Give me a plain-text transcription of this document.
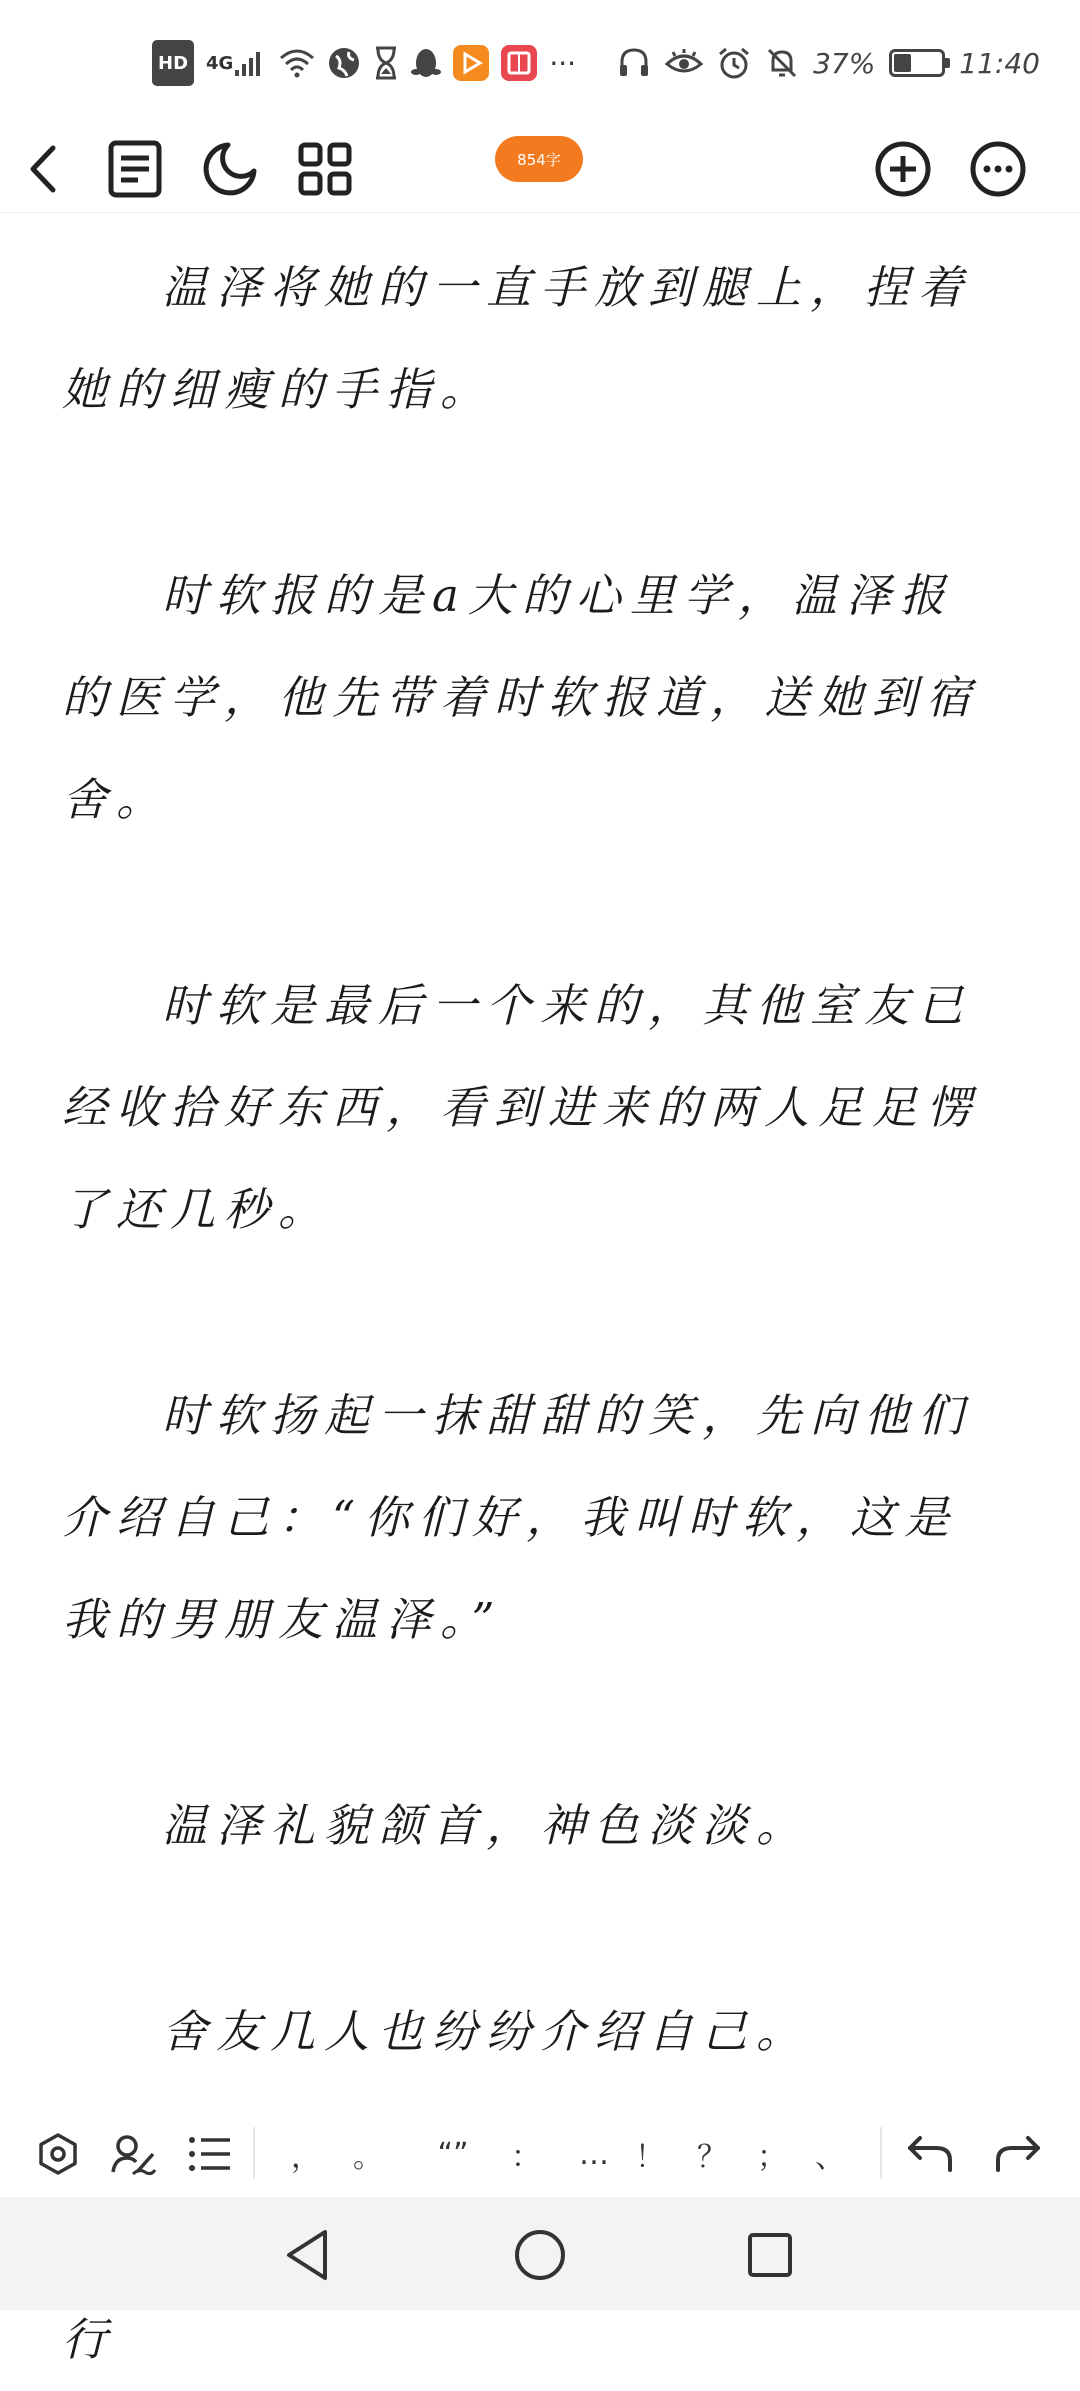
HD	4G	···	37%	11:40
854字

温泽将她的一直手放到腿上，捏着她的细瘦的手指。

时软报的是a大的心里学，温泽报的医学，他先带着时软报道，送她到宿舍。

时软是最后一个来的，其他室友已经收拾好东西，看到进来的两人足足愣了还几秒。

时软扬起一抹甜甜的笑，先向他们介绍自己：“你们好，我叫时软，这是我的男朋友温泽。”

温泽礼貌颔首，神色淡淡。

舍友几人也纷纷介绍自己。

行

，	。	“”	：	… ！	？	； 、
